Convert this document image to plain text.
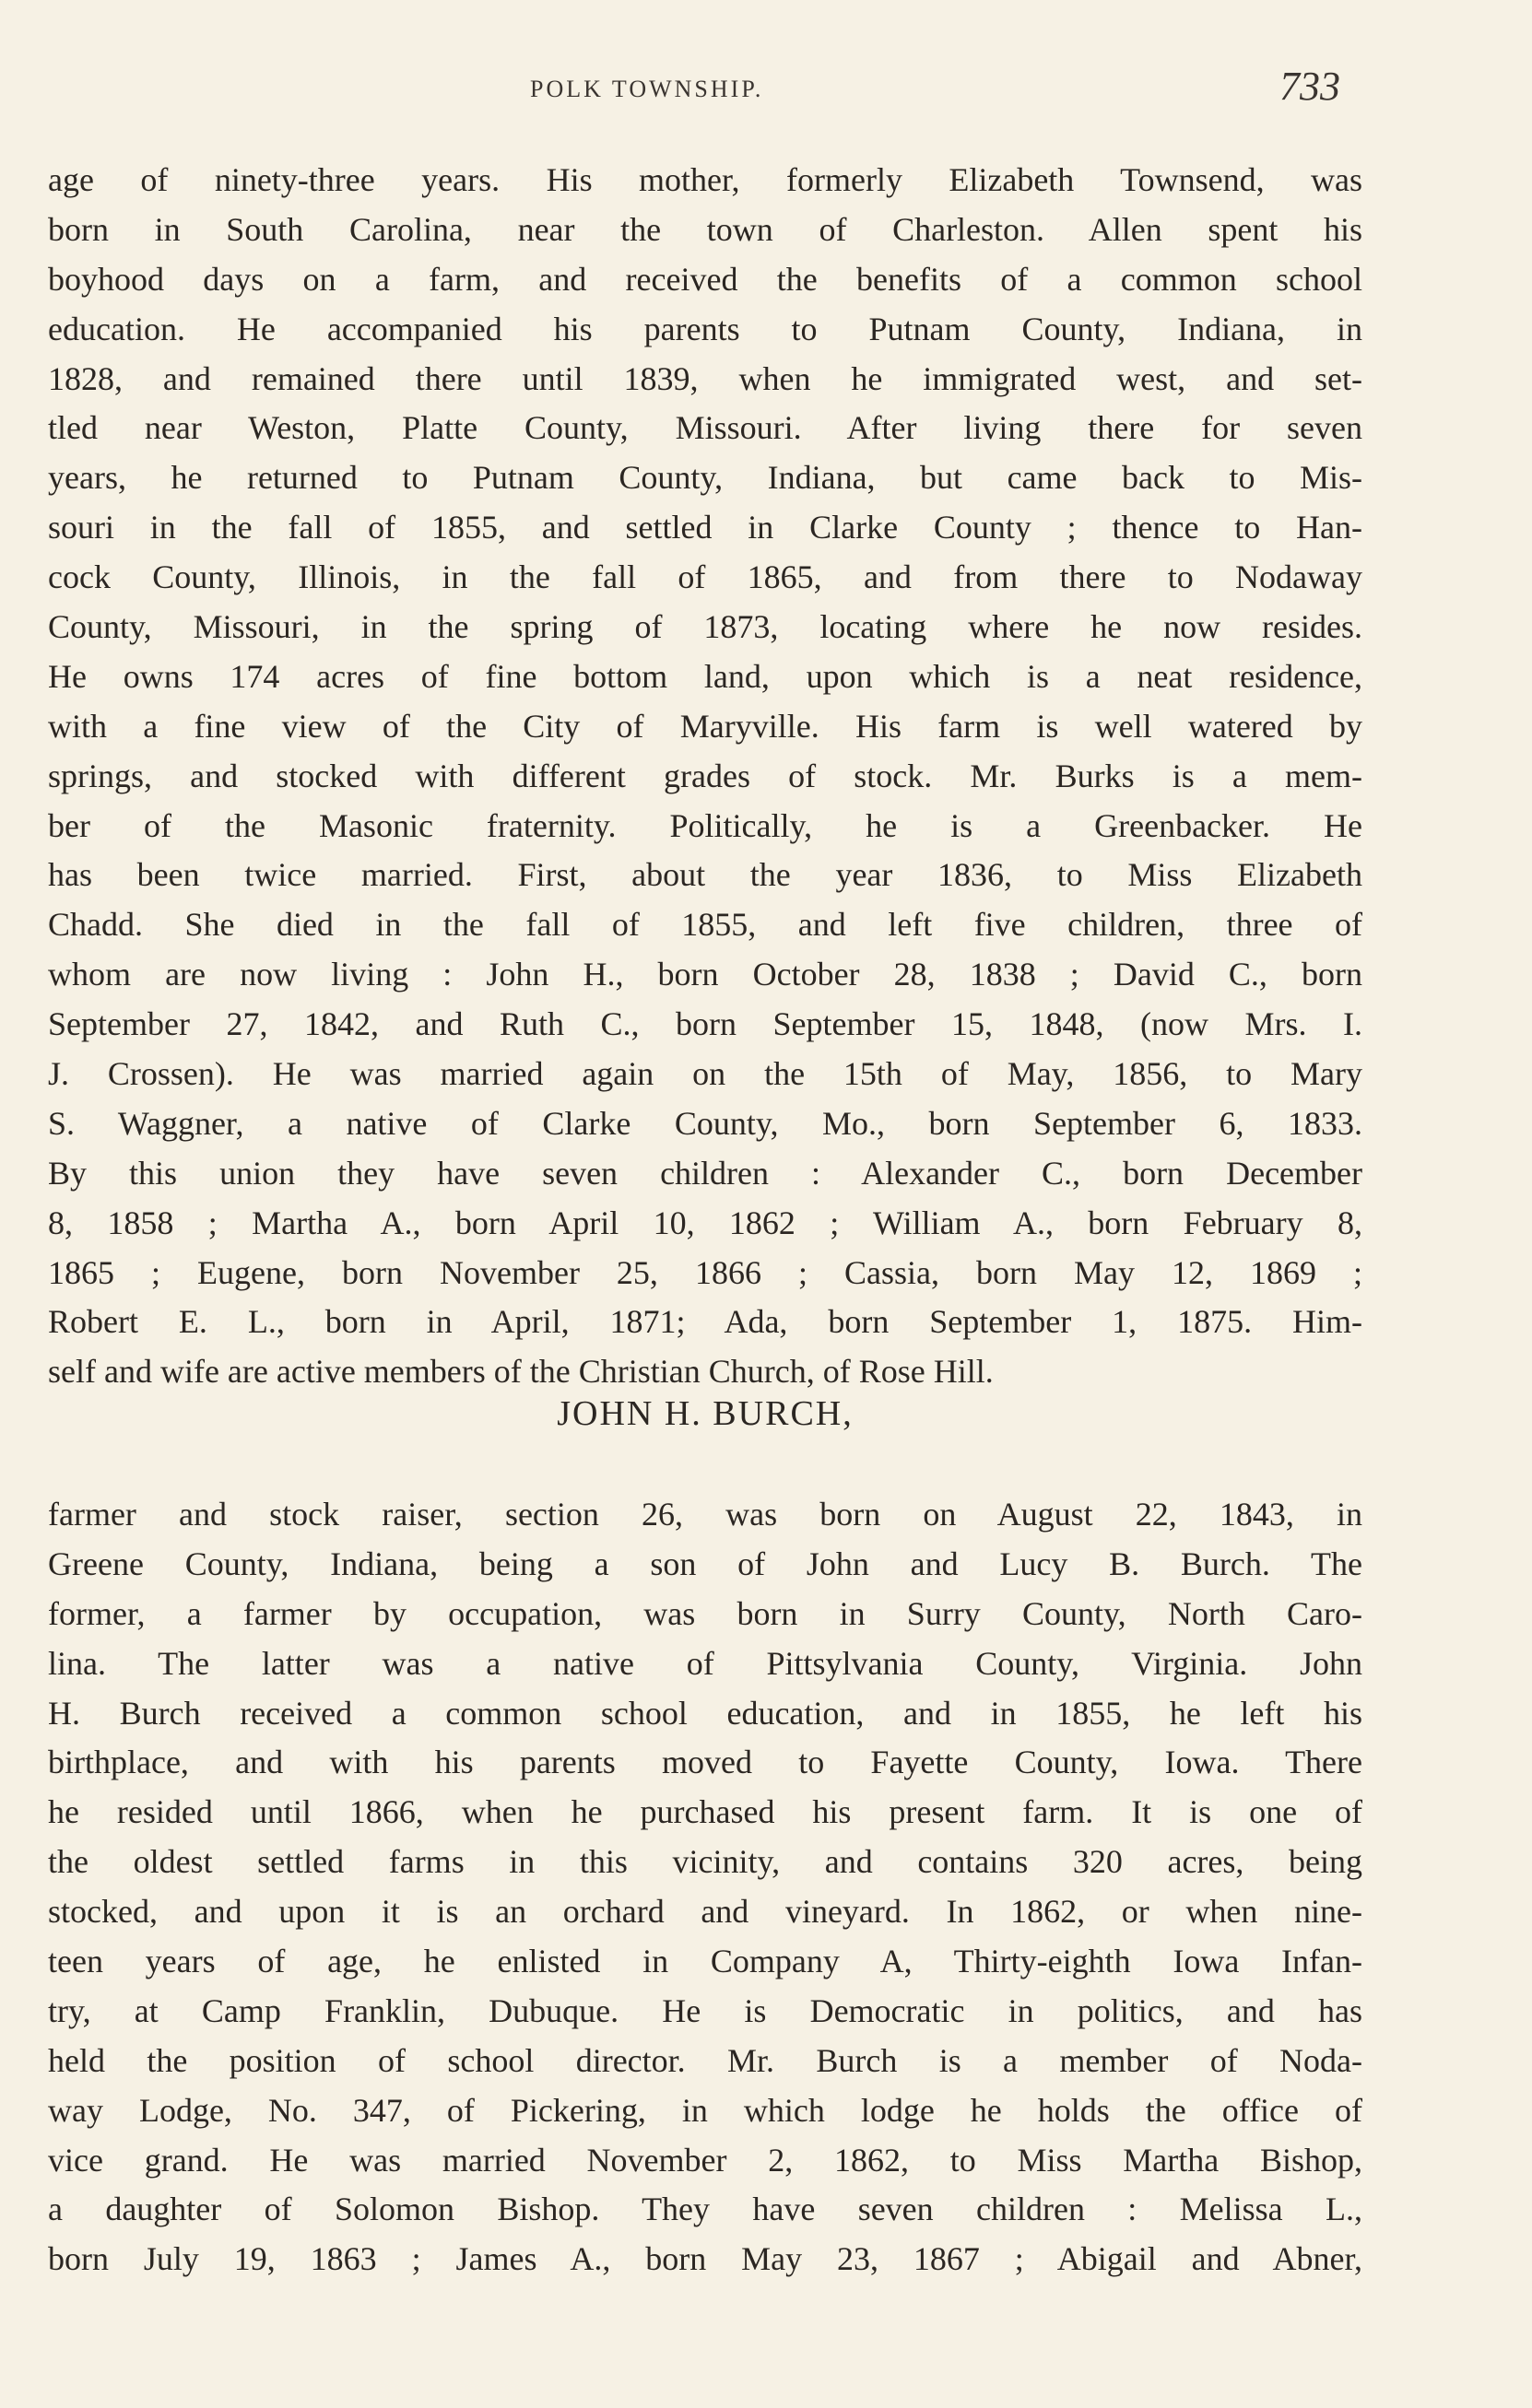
POLK TOWNSHIP.	733
age of ninety-three years. His mother, formerly Elizabeth Townsend, was
born in South Carolina, near the town of Charleston. Allen spent his
boyhood days on a farm, and received the benefits of a common school
education. He accompanied his parents to Putnam County, Indiana, in
1828, and remained there until 1839, when he immigrated west, and set-
tled near Weston, Platte County, Missouri. After living there for seven
years, he returned to Putnam County, Indiana, but came back to Mis-
souri in the fall of 1855, and settled in Clarke County ; thence to Han-
cock County, Illinois, in the fall of 1865, and from there to Nodaway
County, Missouri, in the spring of 1873, locating where he now resides.
He owns 174 acres of fine bottom land, upon which is a neat residence,
with a fine view of the City of Maryville. His farm is well watered by
springs, and stocked with different grades of stock. Mr. Burks is a mem-
ber of the Masonic fraternity. Politically, he is a Greenbacker. He
has been twice married. First, about the year 1836, to Miss Elizabeth
Chadd. She died in the fall of 1855, and left five children, three of
whom are now living : John H., born October 28, 1838 ; David C., born
September 27, 1842, and Ruth C., born September 15, 1848, (now Mrs. I.
J. Crossen). He was married again on the 15th of May, 1856, to Mary
S. Waggner, a native of Clarke County, Mo., born September 6, 1833.
By this union they have seven children : Alexander C., born December
8, 1858 ; Martha A., born April 10, 1862 ; William A., born February 8,
1865 ; Eugene, born November 25, 1866 ; Cassia, born May 12, 1869 ;
Robert E. L., born in April, 1871; Ada, born September 1, 1875. Him-
self and wife are active members of the Christian Church, of Rose Hill.
JOHN H. BURCH,
farmer and stock raiser, section 26, was born on August 22, 1843, in
Greene County, Indiana, being a son of John and Lucy B. Burch. The
former, a farmer by occupation, was born in Surry County, North Caro-
lina. The latter was a native of Pittsylvania County, Virginia. John
H. Burch received a common school education, and in 1855, he left his
birthplace, and with his parents moved to Fayette County, Iowa. There
he resided until 1866, when he purchased his present farm. It is one of
the oldest settled farms in this vicinity, and contains 320 acres, being
stocked, and upon it is an orchard and vineyard. In 1862, or when nine-
teen years of age, he enlisted in Company A, Thirty-eighth Iowa Infan-
try, at Camp Franklin, Dubuque. He is Democratic in politics, and has
held the position of school director. Mr. Burch is a member of Noda-
way Lodge, No. 347, of Pickering, in which lodge he holds the office of
vice grand. He was married November 2, 1862, to Miss Martha Bishop,
a daughter of Solomon Bishop. They have seven children : Melissa L.,
born July 19, 1863 ; James A., born May 23, 1867 ; Abigail and Abner,
